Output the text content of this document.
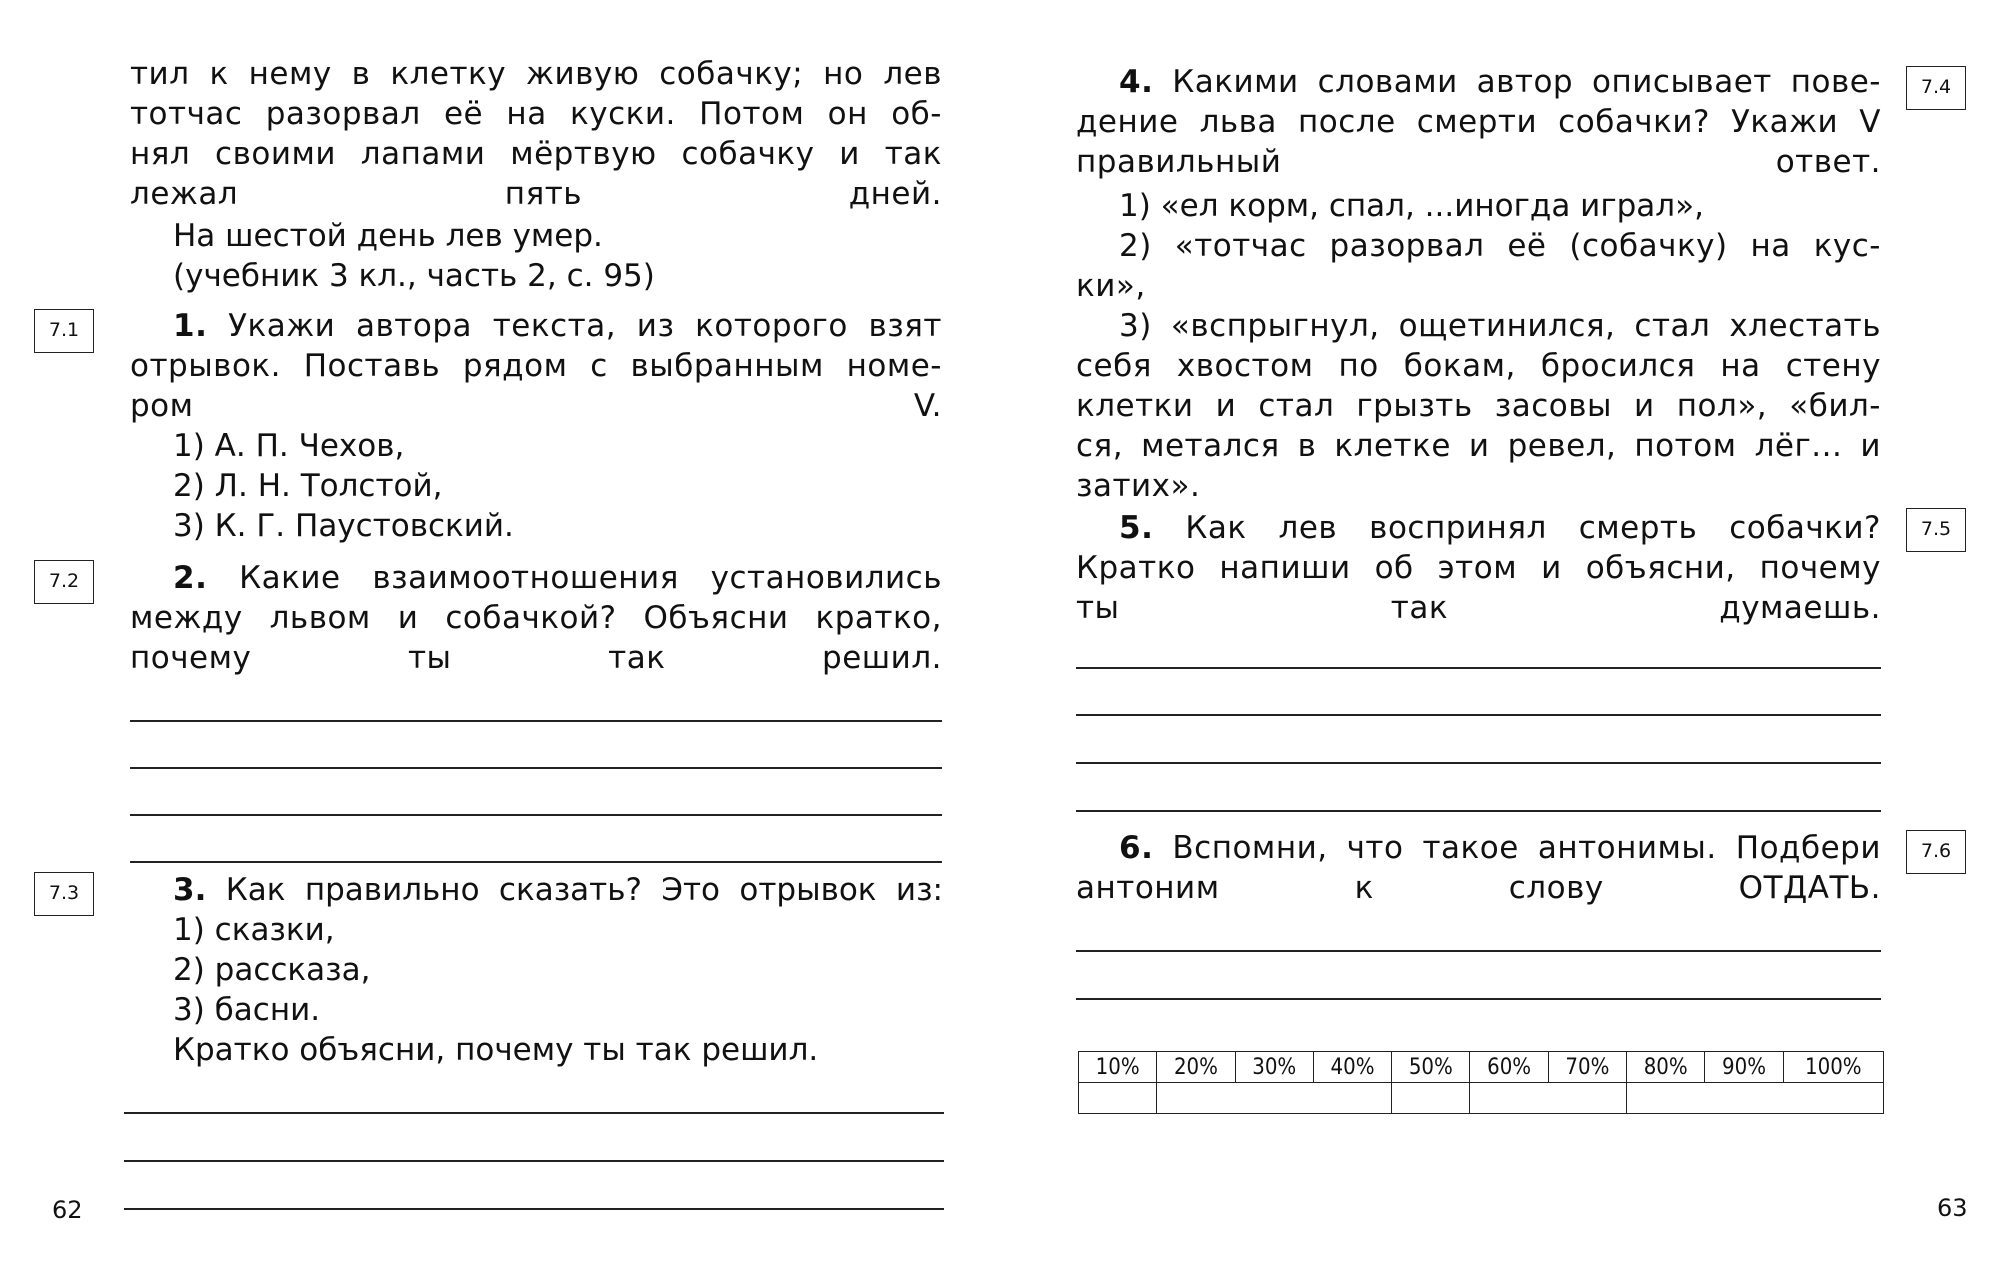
тил к нему в клетку живую собачку; но лев
тотчас разорвал её на куски. Потом он об-
нял своими лапами мёртвую собачку и так
лежал пять дней.
На шестой день лев умер.
(учебник 3 кл., часть 2, с. 95)
7.1	1. Укажи автора текста, из которого взят
отрывок. Поставь рядом с выбранным номе-
ром V.
1) А. П. Чехов,
2) Л. Н. Толстой,
3) К. Г. Паустовский.
7.2	2. Какие взаимоотношения установились
между львом и собачкой? Объясни кратко,
почему ты так решил.
7.3	3. Как правильно сказать? Это отрывок из:
1) сказки,
2) рассказа,
3) басни.
Кратко объясни, почему ты так решил.
62
7.4
4. Какими словами автор описывает пове-
дение льва после смерти собачки? Укажи V
правильный ответ.
1) «ел корм, спал, ...иногда играл»,
2) «тотчас разорвал её (собачку) на кус-
ки»,
3) «вспрыгнул, ощетинился, стал хлестать
себя хвостом по бокам, бросился на стену
клетки и стал грызть засовы и пол», «бил-
ся, метался в клетке и ревел, потом лёг... и
затих».
7.5
5. Как лев воспринял смерть собачки?
Кратко напиши об этом и объясни, почему
ты так думаешь.
7.6
6. Вспомни, что такое антонимы. Подбери
антоним к слову ОТДАТЬ.
10%	20%	30%	40%	50%	60%	70%	80%	90%	100%

63
